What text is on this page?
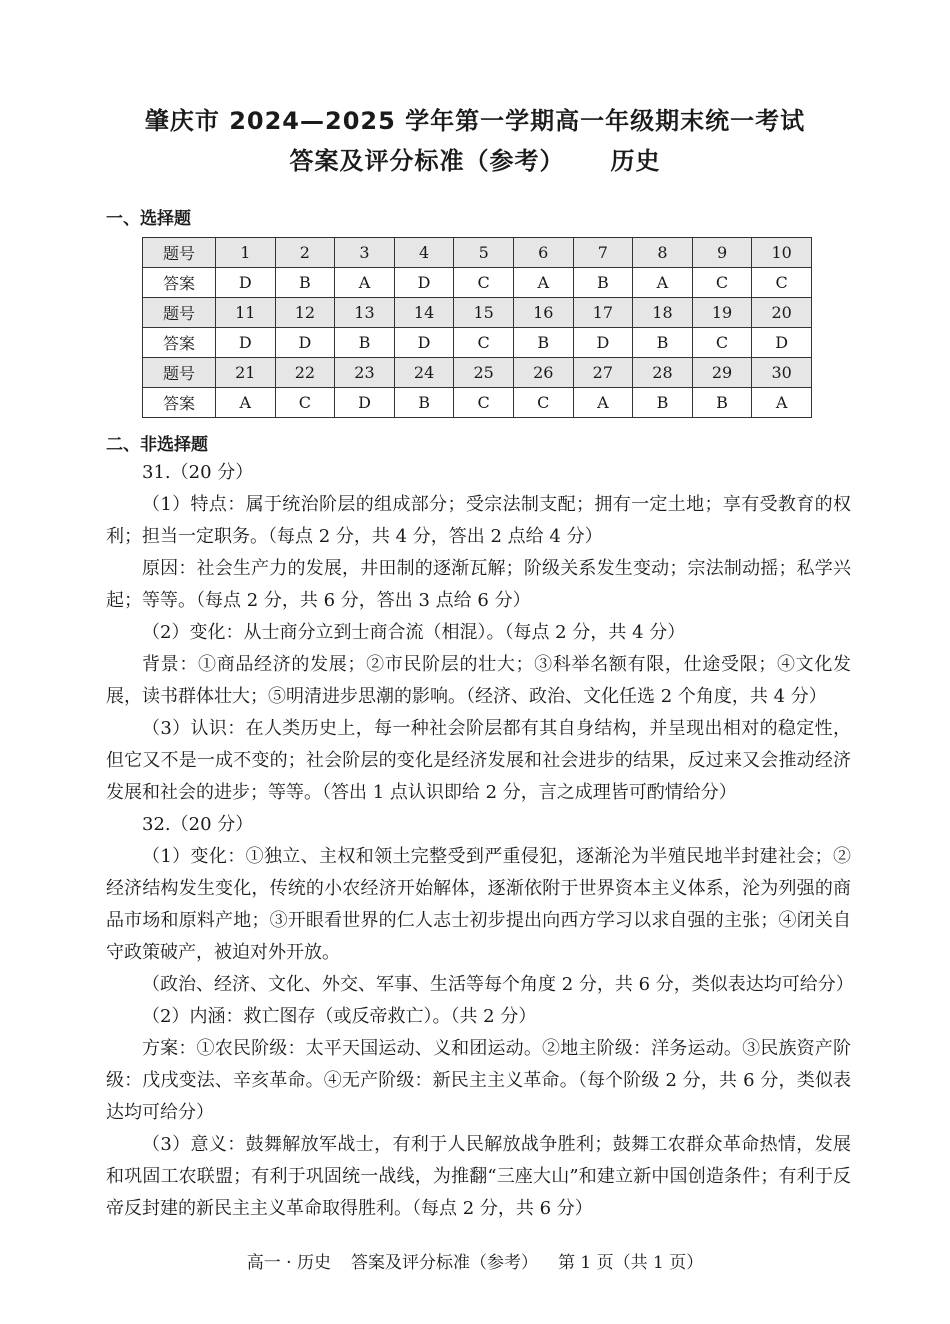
肇庆市 2024—2025 学年第一学期高一年级期末统一考试
答案及评分标准（参考） 历史
一、选择题
题号	1	2	3	4	5	6	7	8	9	10
答案	D	B	A	D	C	A	B	A	C	C
题号	11	12	13	14	15	16	17	18	19	20
答案	D	D	B	D	C	B	D	B	C	D
题号	21	22	23	24	25	26	27	28	29	30
答案	A	C	D	B	C	C	A	B	B	A
二、非选择题

31.（20 分）

（1）特点：属于统治阶层的组成部分；受宗法制支配；拥有一定土地；享有受教育的权利；担当一定职务。（每点 2 分，共 4 分，答出 2 点给 4 分）

原因：社会生产力的发展，井田制的逐渐瓦解；阶级关系发生变动；宗法制动摇；私学兴起；等等。（每点 2 分，共 6 分，答出 3 点给 6 分）

（2）变化：从士商分立到士商合流（相混）。（每点 2 分，共 4 分）

背景：①商品经济的发展；②市民阶层的壮大；③科举名额有限，仕途受限；④文化发展，读书群体壮大；⑤明清进步思潮的影响。（经济、政治、文化任选 2 个角度，共 4 分）

（3）认识：在人类历史上，每一种社会阶层都有其自身结构，并呈现出相对的稳定性，但它又不是一成不变的；社会阶层的变化是经济发展和社会进步的结果，反过来又会推动经济发展和社会的进步；等等。（答出 1 点认识即给 2 分，言之成理皆可酌情给分）

32.（20 分）

（1）变化：①独立、主权和领土完整受到严重侵犯，逐渐沦为半殖民地半封建社会；②经济结构发生变化，传统的小农经济开始解体，逐渐依附于世界资本主义体系，沦为列强的商品市场和原料产地；③开眼看世界的仁人志士初步提出向西方学习以求自强的主张；④闭关自守政策破产，被迫对外开放。

（政治、经济、文化、外交、军事、生活等每个角度 2 分，共 6 分，类似表达均可给分）

（2）内涵：救亡图存（或反帝救亡）。（共 2 分）

方案：①农民阶级：太平天国运动、义和团运动。②地主阶级：洋务运动。③民族资产阶级：戊戌变法、辛亥革命。④无产阶级：新民主主义革命。（每个阶级 2 分，共 6 分，类似表达均可给分）

（3）意义：鼓舞解放军战士，有利于人民解放战争胜利；鼓舞工农群众革命热情，发展和巩固工农联盟；有利于巩固统一战线，为推翻“三座大山”和建立新中国创造条件；有利于反帝反封建的新民主主义革命取得胜利。（每点 2 分，共 6 分）

高一 · 历史 答案及评分标准（参考） 第 1 页（共 1 页）
